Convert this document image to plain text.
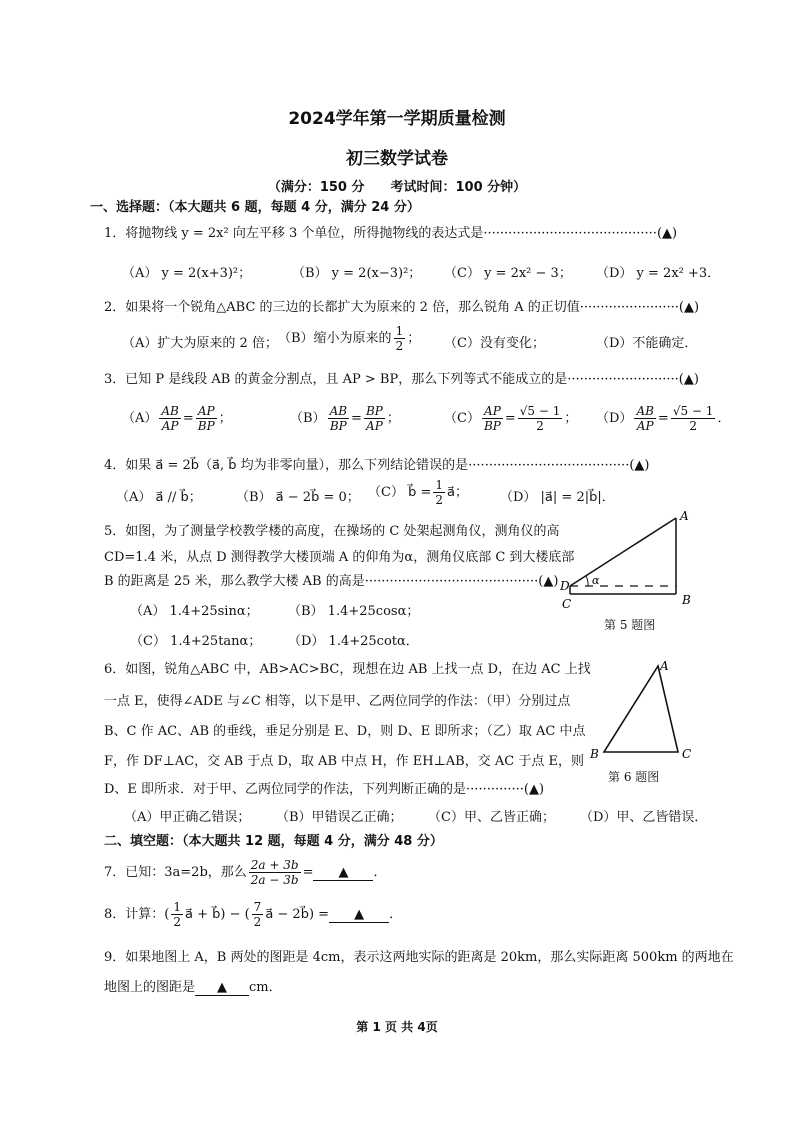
2024学年第一学期质量检测
初三数学试卷
（满分：150 分　　考试时间：100 分钟）
一、选择题：（本大题共 6 题，每题 4 分，满分 24 分）
1．将抛物线 y = 2x² 向左平移 3 个单位，所得抛物线的表达式是··········································(▲)
（A） y = 2(x+3)²；	（B） y = 2(x−3)²； （C） y = 2x² − 3； （D） y = 2x² +3．
2．如果将一个锐角△ABC 的三边的长都扩大为原来的 2 倍，那么锐角 A 的正切值························(▲)
（A）扩大为原来的 2 倍； （B）缩小为原来的 $\frac{1}{2}$ ； （C）没有变化；	（D）不能确定．
3．已知 P 是线段 AB 的黄金分割点，且 AP > BP，那么下列等式不能成立的是···························(▲)
$(A) \frac{AB}{AP} = \frac{AP}{BP}$ ；	$(B) \frac{AB}{BP} = \frac{BP}{AP}$ ；	$(C) \frac{AP}{BP} = \frac{√5 - 1}{2}$ ； $(D) \frac{AB}{AP} = \frac{√5 - 1}{2}$ ．
4．如果 a⃗ = 2b⃗（a⃗, b⃗ 均为非零向量），那么下列结论错误的是·······································(▲)
（A） a⃗ // b⃗；	（B） a⃗ − 2b⃗ = 0； （C） b⃗ = $\frac{1}{2}$ a⃗； （D） |a⃗| = 2|b⃗|．
5．如图，为了测量学校教学楼的高度，在操场的 C 处架起测角仪，测角仪的高
CD=1.4 米，从点 D 测得教学大楼顶端 A 的仰角为α，测角仪底部 C 到大楼底部
B 的距离是 25 米，那么教学大楼 AB 的高是··········································(▲)
（A） 1.4+25sinα； （B） 1.4+25cosα；
（C） 1.4+25tanα； （D） 1.4+25cotα．
A
B
C
D α
第 5 题图
6．如图，锐角△ABC 中，AB>AC>BC，现想在边 AB 上找一点 D，在边 AC 上找
一点 E，使得∠ADE 与∠C 相等，以下是甲、乙两位同学的作法：（甲）分别过点
B、C 作 AC、AB 的垂线，垂足分别是 E、D，则 D、E 即所求；（乙）取 AC 中点
F，作 DF⊥AC，交 AB 于点 D，取 AB 中点 H，作 EH⊥AB，交 AC 于点 E，则
D、E 即所求．对于甲、乙两位同学的作法，下列判断正确的是··············(▲)
（A）甲正确乙错误； （B）甲错误乙正确； （C）甲、乙皆正确； （D）甲、乙皆错误．
A
B	C
第 6 题图
二、填空题：（本大题共 12 题，每题 4 分，满分 48 分）
7．已知：3a=2b，那么 $\frac{2a + 3b}{2a - 3b}$ = ▲ ．
8．计算：( $\frac{1}{2}$ a⃗ + b⃗) − ( $\frac{7}{2}$ a⃗ − 2b⃗) = ▲ ．
9．如果地图上 A，B 两处的图距是 4cm，表示这两地实际的距离是 20km，那么实际距离 500km 的两地在
地图上的图距是 ▲ cm．
第 1 页 共 4页
